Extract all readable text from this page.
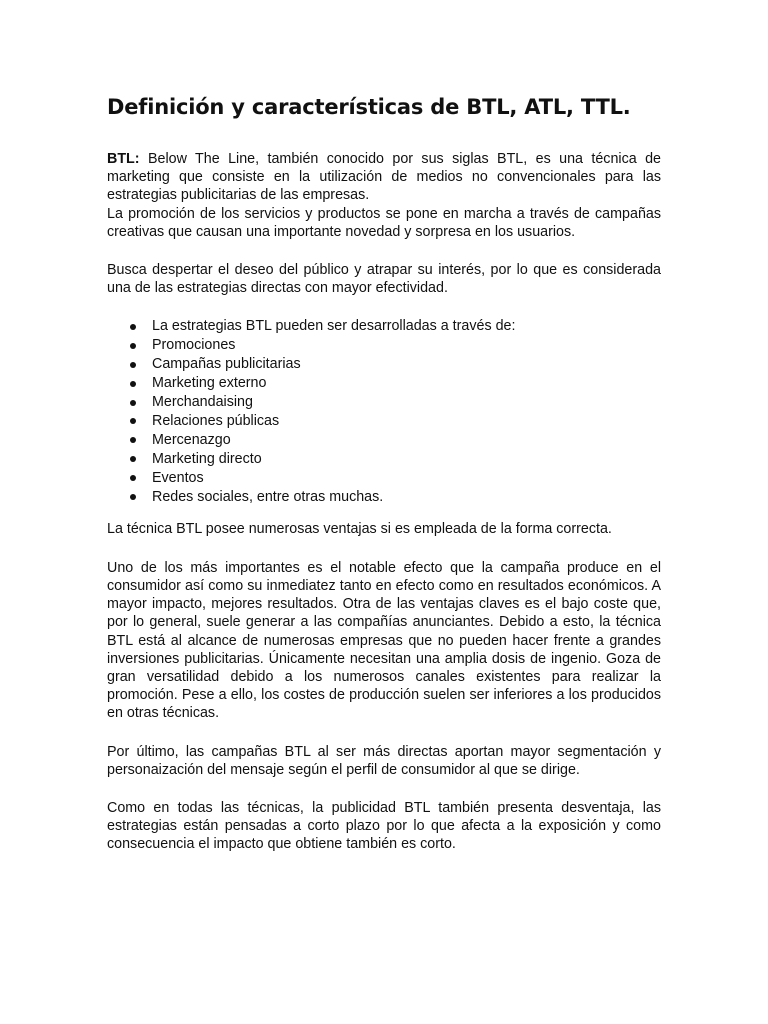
Definición y características de BTL, ATL, TTL.

BTL: Below The Line, también conocido por sus siglas BTL, es una técnica de marketing que consiste en la utilización de medios no convencionales para las estrategias publicitarias de las empresas.

La promoción de los servicios y productos se pone en marcha a través de campañas creativas que causan una importante novedad y sorpresa en los usuarios.

Busca despertar el deseo del público y atrapar su interés, por lo que es considerada una de las estrategias directas con mayor efectividad.

La estrategias BTL pueden ser desarrolladas a través de:
Promociones
Campañas publicitarias
Marketing externo
Merchandaising
Relaciones públicas
Mercenazgo
Marketing directo
Eventos
Redes sociales, entre otras muchas.

La técnica BTL posee numerosas ventajas si es empleada de la forma correcta.

Uno de los más importantes es el notable efecto que la campaña produce en el consumidor así como su inmediatez tanto en efecto como en resultados económicos. A mayor impacto, mejores resultados. Otra de las ventajas claves es el bajo coste que, por lo general, suele generar a las compañías anunciantes. Debido a esto, la técnica BTL está al alcance de numerosas empresas que no pueden hacer frente a grandes inversiones publicitarias. Únicamente necesitan una amplia dosis de ingenio. Goza de gran versatilidad debido a los numerosos canales existentes para realizar la promoción. Pese a ello, los costes de producción suelen ser inferiores a los producidos en otras técnicas.

Por último, las campañas BTL al ser más directas aportan mayor segmentación y personaización del mensaje según el perfil de consumidor al que se dirige.

Como en todas las técnicas, la publicidad BTL también presenta desventaja, las estrategias están pensadas a corto plazo por lo que afecta a la exposición y como consecuencia el impacto que obtiene también es corto.
